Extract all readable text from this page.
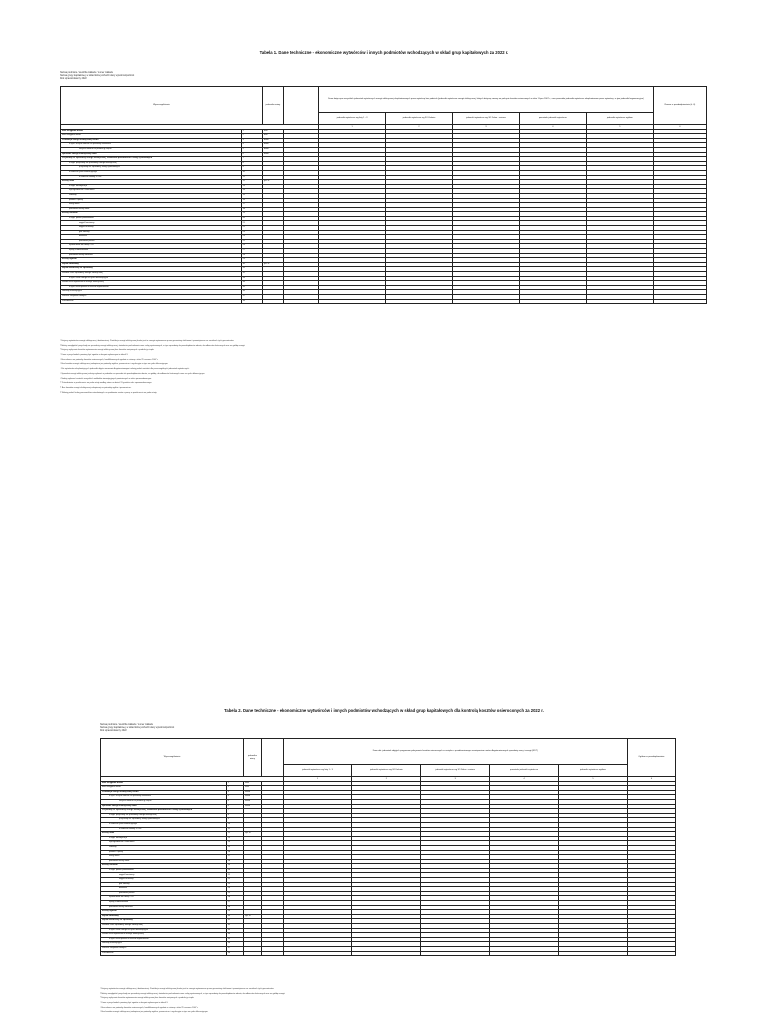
Tabela 1. Dane techniczne - ekonomiczne wytwórców i innych podmiotów wchodzących w skład grup kapitałowych za 2022 r.
Nazwa podmiotu / siedziba zakładu / numer zakładu
Nazwa grupy kapitałowej, w skład której wchodzi dany wytwórca/podmiot
Rok sprawozdawczy 2022
Wyszczególnienie		jednostka miary		Dane dotyczące wszystkich jednostek wytwórczych energii elektrycznej eksploatowanych przez wytwórcę bez podziału (jednostki wytwórcze energii elektrycznej, których dotyczą umowy na pokrycie kosztów osieroconych w dniu 1 lipca 2007 r., oraz pozostałe jednostki wytwórcze eksploatowane przez wytwórcę, w tym jednostki kogeneracyjne)					Razem w przedsiębiorstwie (k. 6)
				jednostki wytwórcze wg listy 1 - 3	jednostki wytwórcze wg 3O Kolonia	jednostki wytwórcze wg 3O Dolna - zmiana	pozostałe jednostki wytwórcze	jednostki wytwórcze ogółem	
				1	2	3	4	5	6
Moc osiągalna brutto	1	MW							
Moc osiągalna netto	2	MW							
Produkcja energii elektrycznej brutto	3	MWh							
w tym: zużycie własne na potrzeby elektrowni	4	MWh							
zużycie własne na produkcję ciepła	5	MWh							
Sprzedaż energii elektrycznej netto	6	MWh							
Przychody ze sprzedaży energii elektrycznej, świadectw pochodzenia i usług systemowych	7								
z tego: przychody ze sprzedaży energii elektrycznej	8								
przychody ze sprzedaży usług systemowych	9								
w ramach rynku bilansującego	10								
w ramach umowy z OSP	11								
Koszty stałe	12	tys. zł							
z tego: amortyzacja	13								
wynagrodzenia z narzutami	14								
remonty	15								
podatki i opłaty	16								
usługi obce	17								
pozostałe koszty stałe	18								
Koszty zmienne	19								
z tego: paliwo podstawowe	20								
węgiel kamienny	21								
węgiel brunatny	22								
gaz ziemny	23								
biomasa	24								
pozostałe paliwa	25								
uprawnienia do emisji CO2	26								
opłaty środowiskowe	27								
pozostałe koszty zmienne	28								
Koszty ogółem	29								
Wynik finansowy	30	tys. zł							
Wynik techniczny ze sprzedaży	31								
Średnia cena sprzedaży energii elektrycznej	32								
w tym: cena energii na rynku bilansującym	33								
Średni koszt wytworzenia energii elektrycznej	34								
w tym: koszt paliwa w koszcie wytworzenia	35								
Nakłady inwestycyjne	36								
Wartość aktywów trwałych	37								
Zatrudnienie	38								

¹ Dotyczy wytwórców energii elektrycznej i budowniczej. Produkcja energii elektrycznej brutto jest to energia wytworzona przez generatory elektrowni i pomniejszona na zaciskach tych generatorów.

² Należy uwzględnić przychody ze sprzedaży energii elektrycznej, świadectw pochodzenia oraz usług systemowych, w tym sprzedaży do przedsiębiorstw obrotu, do odbiorców końcowych oraz na giełdę energii.

³ Dotyczy wyłącznie kosztów wytwarzania energii elektrycznej bez kosztów związanych z produkcją ciepła.

⁴ Dane o przychodach powinny być zgodne z danymi wykazanymi w tabeli 3.

⁵ Bez zakresu na potrzeby kosztów osieroconych, kwalifikowanych zgodnie z ustawą z dnia 29 czerwca 2007 r.

⁶ Bez kosztów energii elektrycznej zakupionej na potrzeby ogólne, pomocnicze i regulacyjne w tym na rynku bilansującym.

⁷ Dla wytwórców eksploatujących jednostki objęte umowami długoterminowymi należy podać wartości dla poszczególnych jednostek wytwórczych.

⁸ Sprzedaż energii elektrycznej należy wykazać w podziale na sprzedaż do przedsiębiorstw obrotu, na giełdę, do odbiorców końcowych oraz na rynku bilansującym.

⁹ Należy wykazać wartość wszystkich nakładów inwestycyjnych poniesionych w roku sprawozdawczym.

¹⁰ Zatrudnienie w przeliczeniu na pełne etaty według stanu na dzień 31 grudnia roku sprawozdawczego.

¹¹ Bez kosztów energii elektrycznej zakupionej na potrzeby ogólne i pomocnicze.

¹² Należy podać liczbę pracowników zatrudnionych na podstawie umów o pracę w przeliczeniu na pełne etaty.

Tabela 2. Dane techniczne - ekonomiczne wytwórców i innych podmiotów wchodzących w skład grup kapitałowych dla kontrolą kosztów osieroconych za 2022 r.
Nazwa podmiotu / siedziba zakładu / numer zakładu
Nazwa grupy kapitałowej, w skład której wchodzi dany wytwórca/podmiot
Rok sprawozdawczy 2022
Wyszczególnienie		jednostka miary		Dane dot. jednostek objętych programem pokrywania kosztów osieroconych w związku z przedterminowym rozwiązaniem umów długoterminowych sprzedaży mocy i energii (KDT)					Ogółem w przedsiębiorstwie
				jednostki wytwórcze wg listy 1 - 3	jednostki wytwórcze wg 3O Kolonia	jednostki wytwórcze wg 3O Dolna - zmiana	pozostałe jednostki wytwórcze	jednostki wytwórcze ogółem	
				1	2	3	4	5	6
Moc osiągalna brutto	1	MW							
Moc osiągalna netto	2	MW							
Produkcja energii elektrycznej brutto	3	MWh							
w tym: zużycie własne na potrzeby elektrowni	4	MWh							
zużycie własne na produkcję ciepła	5	MWh							
Sprzedaż energii elektrycznej netto	6	MWh							
Przychody ze sprzedaży energii elektrycznej, świadectw pochodzenia i usług systemowych	7								
z tego: przychody ze sprzedaży energii elektrycznej	8								
przychody ze sprzedaży usług systemowych	9								
w ramach rynku bilansującego	10								
w ramach umowy z OSP	11								
Koszty stałe	12	tys. zł							
z tego: amortyzacja	13								
wynagrodzenia z narzutami	14								
remonty	15								
podatki i opłaty	16								
usługi obce	17								
pozostałe koszty stałe	18								
Koszty zmienne	19								
z tego: paliwo podstawowe	20								
węgiel kamienny	21								
węgiel brunatny	22								
gaz ziemny	23								
biomasa	24								
pozostałe paliwa	25								
uprawnienia do emisji CO2	26								
opłaty środowiskowe	27								
pozostałe koszty zmienne	28								
Koszty ogółem	29								
Wynik finansowy	30	tys. zł							
Wynik techniczny ze sprzedaży	31								
Średnia cena sprzedaży energii elektrycznej	32								
w tym: cena energii na rynku bilansującym	33								
Średni koszt wytworzenia energii elektrycznej	34								
w tym: koszt paliwa w koszcie wytworzenia	35								
Nakłady inwestycyjne	36								
Wartość aktywów trwałych	37								
Zatrudnienie	38								

¹ Dotyczy wytwórców energii elektrycznej i budowniczej. Produkcja energii elektrycznej brutto jest to energia wytworzona przez generatory elektrowni i pomniejszona na zaciskach tych generatorów.

² Należy uwzględnić przychody ze sprzedaży energii elektrycznej, świadectw pochodzenia oraz usług systemowych, w tym sprzedaży do przedsiębiorstw obrotu, do odbiorców końcowych oraz na giełdę energii.

³ Dotyczy wyłącznie kosztów wytwarzania energii elektrycznej bez kosztów związanych z produkcją ciepła.

⁴ Dane o przychodach powinny być zgodne z danymi wykazanymi w tabeli 3.

⁵ Bez zakresu na potrzeby kosztów osieroconych, kwalifikowanych zgodnie z ustawą z dnia 29 czerwca 2007 r.

⁶ Bez kosztów energii elektrycznej zakupionej na potrzeby ogólne, pomocnicze i regulacyjne w tym na rynku bilansującym.
